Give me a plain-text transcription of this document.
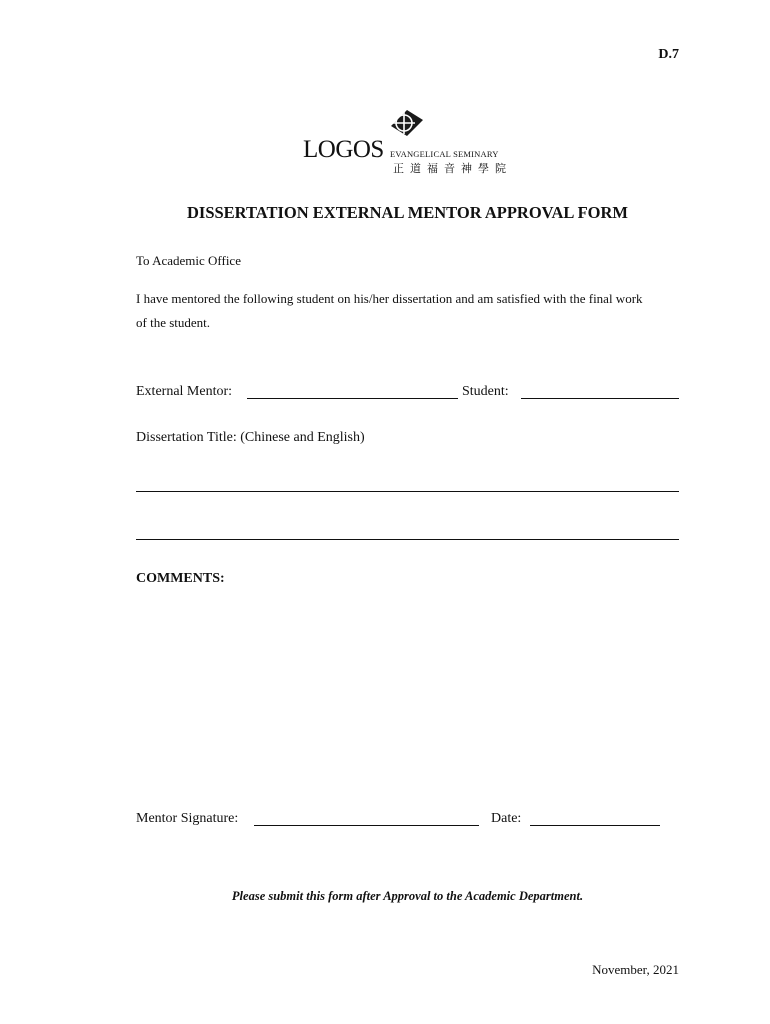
D.7
LOGOS EVANGELICAL SEMINARY
正道福音神學院
DISSERTATION EXTERNAL MENTOR APPROVAL FORM
To Academic Office
I have mentored the following student on his/her dissertation and am satisfied with the final work
of the student.
External Mentor:	Student:
Dissertation Title: (Chinese and English)
COMMENTS:
Mentor Signature:	Date:
Please submit this form after Approval to the Academic Department.
November, 2021
